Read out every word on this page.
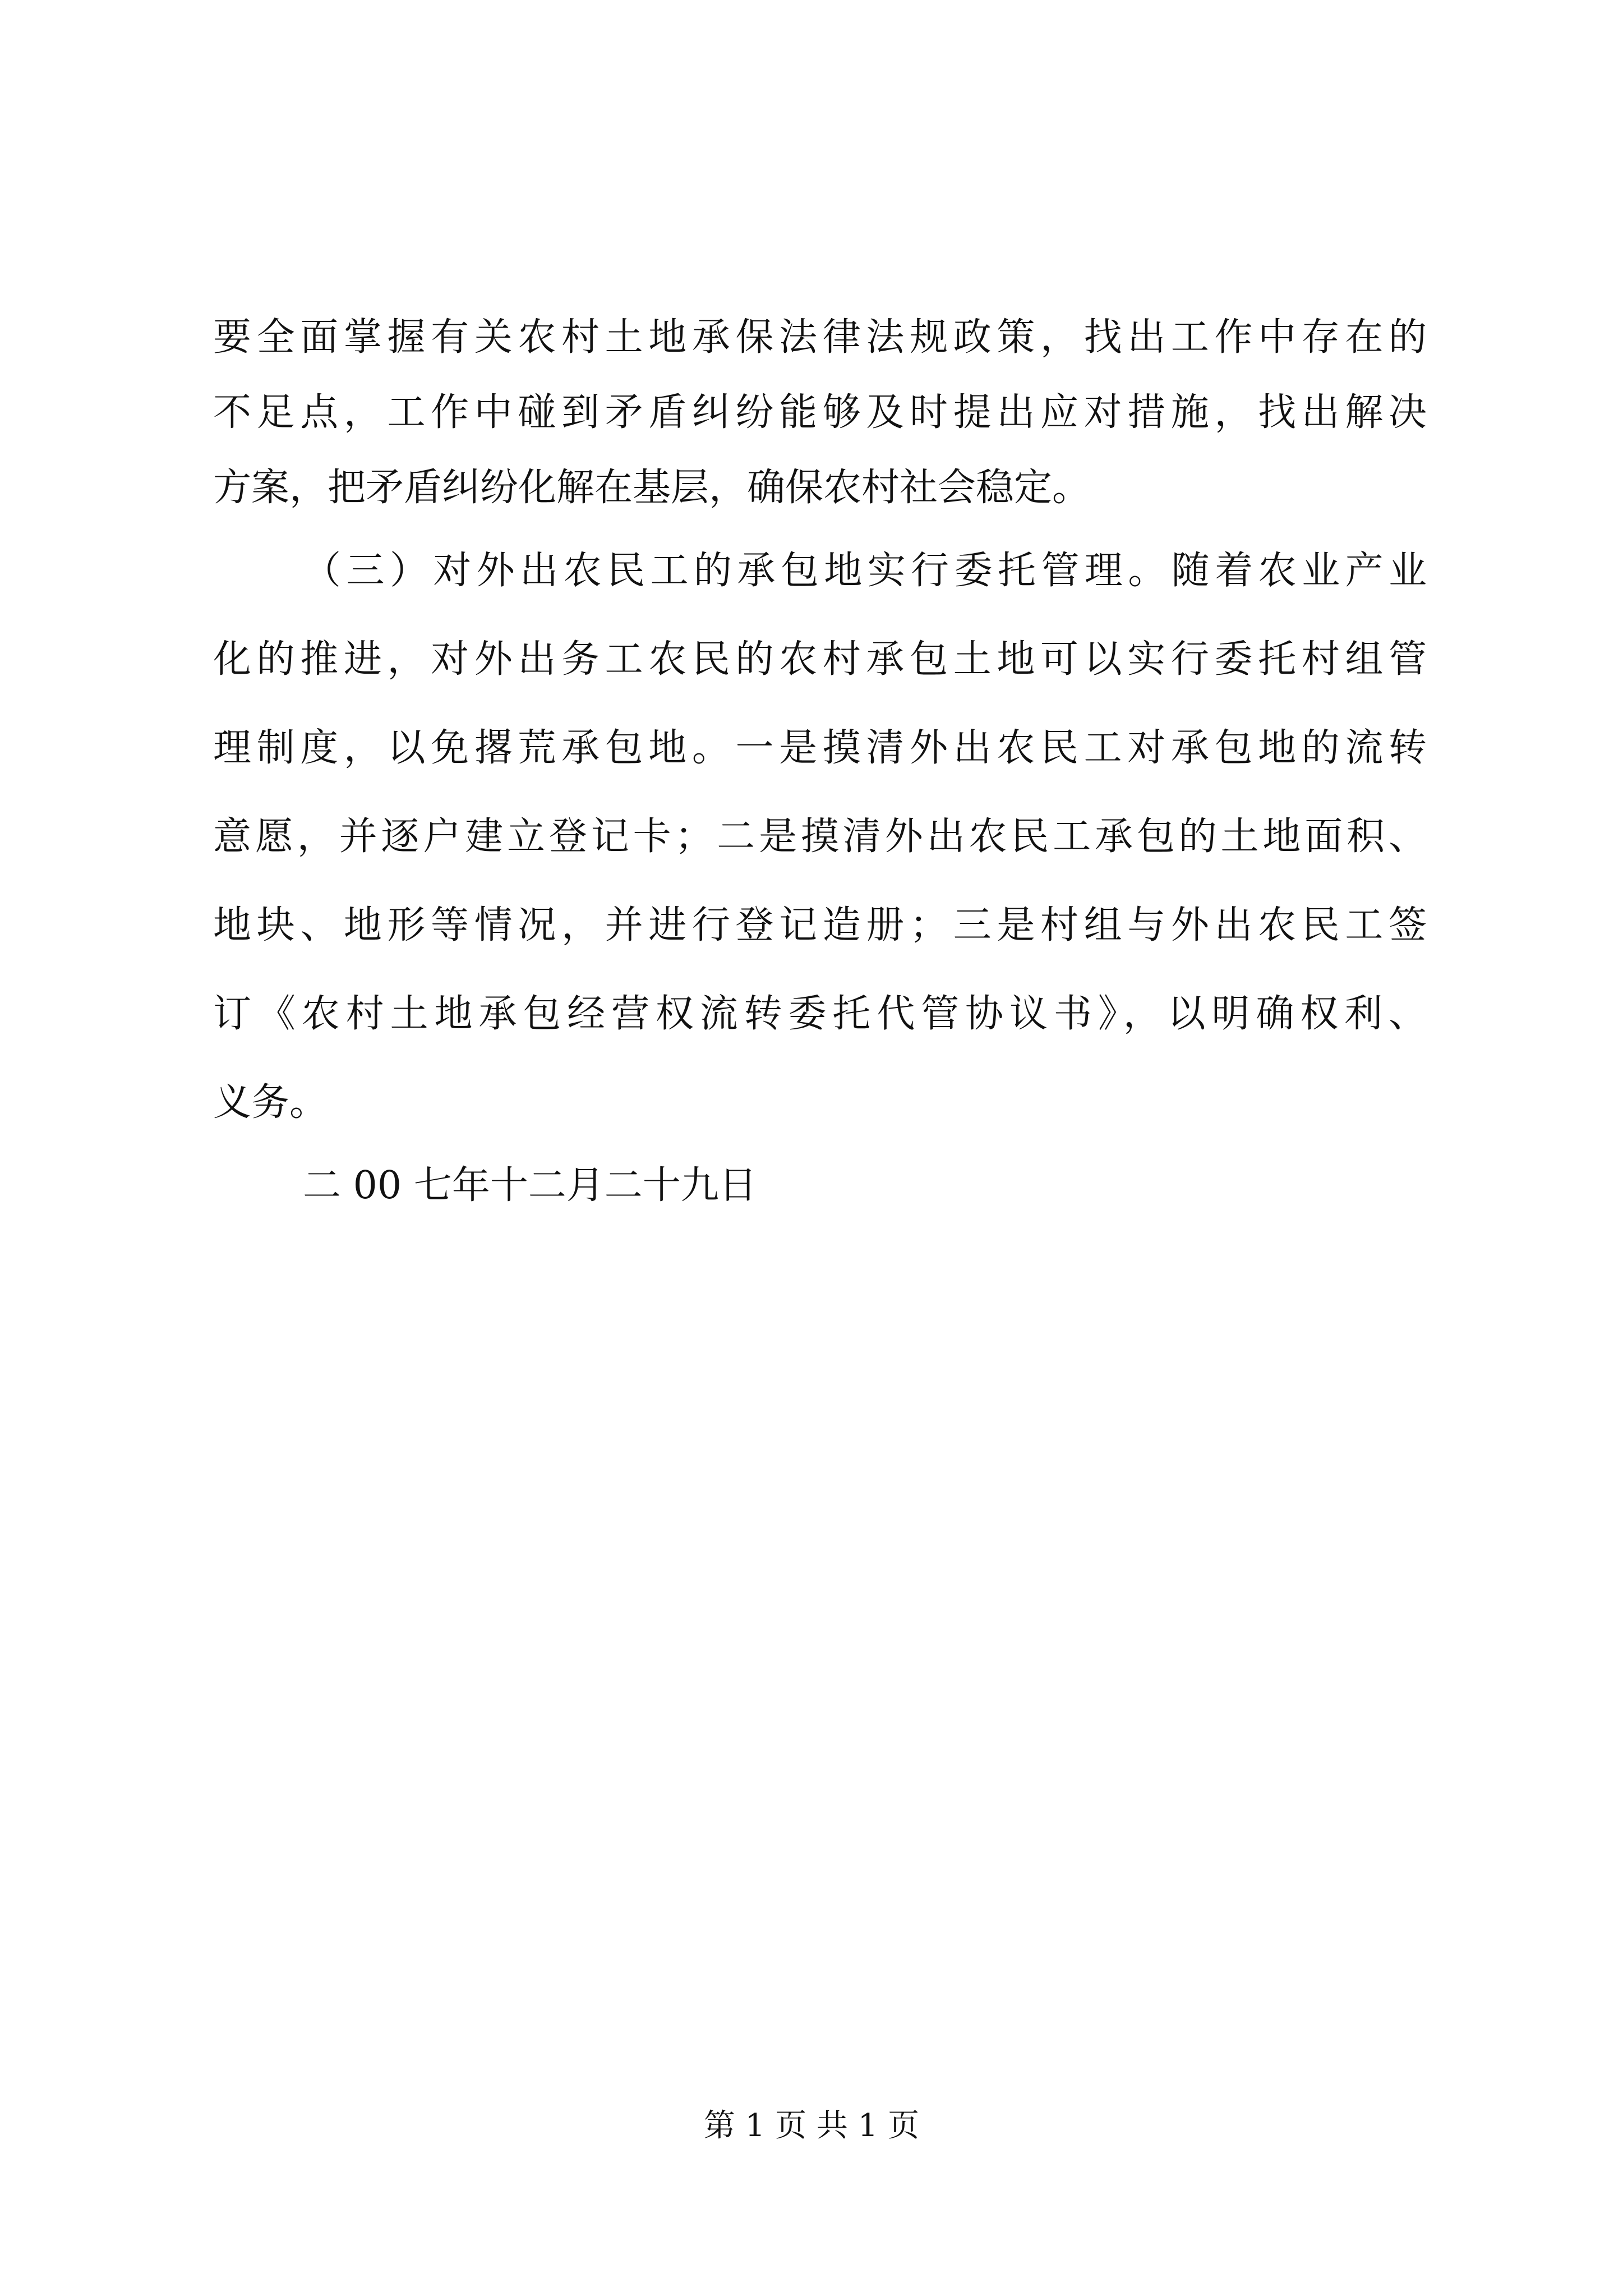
要全面掌握有关农村土地承保法律法规政策，找出工作中存在的
不足点，工作中碰到矛盾纠纷能够及时提出应对措施，找出解决
方案，把矛盾纠纷化解在基层，确保农村社会稳定。
（三）对外出农民工的承包地实行委托管理。随着农业产业
化的推进，对外出务工农民的农村承包土地可以实行委托村组管
理制度，以免撂荒承包地。一是摸清外出农民工对承包地的流转
意愿，并逐户建立登记卡；二是摸清外出农民工承包的土地面积、
地块、地形等情况，并进行登记造册；三是村组与外出农民工签
订《农村土地承包经营权流转委托代管协议书》，以明确权利、
义务。
二 00 七年十二月二十九日
第 1 页 共 1 页
